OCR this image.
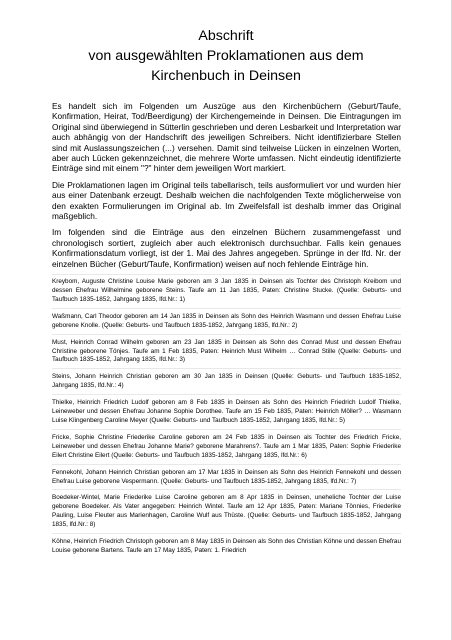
Abschrift
von ausgewählten Proklamationen aus dem
Kirchenbuch in Deinsen

Es handelt sich im Folgenden um Auszüge aus den Kirchenbüchern (Geburt/Taufe, Konfirmation, Heirat, Tod/Beerdigung) der Kirchengemeinde in Deinsen. Die Eintragungen im Original sind überwiegend in Sütterlin geschrieben und deren Lesbarkeit und Interpretation war auch abhängig von der Handschrift des jeweiligen Schreibers. Nicht identifizierbare Stellen sind mit Auslassungszeichen (...) versehen. Damit sind teilweise Lücken in einzelnen Worten, aber auch Lücken gekennzeichnet, die mehrere Worte umfassen. Nicht eindeutig identifizierte Einträge sind mit einem "?" hinter dem jeweiligen Wort markiert.

Die Proklamationen lagen im Original teils tabellarisch, teils ausformuliert vor und wurden hier aus einer Datenbank erzeugt. Deshalb weichen die nachfolgenden Texte möglicherweise von den exakten Formulierungen im Original ab. Im Zweifelsfall ist deshalb immer das Original maßgeblich.

Im folgenden sind die Einträge aus den einzelnen Büchern zusammengefasst und chronologisch sortiert, zugleich aber auch elektronisch durchsuchbar. Falls kein genaues Konfirmationsdatum vorliegt, ist der 1. Mai des Jahres angegeben. Sprünge in der lfd. Nr. der einzelnen Bücher (Geburt/Taufe, Konfirmation) weisen auf noch fehlende Einträge hin.

Kreybom, Auguste Christine Louise Marie geboren am 3 Jan 1835 in Deinsen als Tochter des Christoph Kreibom und dessen Ehefrau Wilhelmine geborene Steins. Taufe am 11 Jan 1835, Paten: Christine Stucke. (Quelle: Geburts- und Taufbuch 1835-1852, Jahrgang 1835, lfd.Nr.: 1)

Waßmann, Carl Theodor geboren am 14 Jan 1835 in Deinsen als Sohn des Heinrich Wasmann und dessen Ehefrau Luise geborene Knolle. (Quelle: Geburts- und Taufbuch 1835-1852, Jahrgang 1835, lfd.Nr.: 2)

Must, Heinrich Conrad Wilhelm geboren am 23 Jan 1835 in Deinsen als Sohn des Conrad Must und dessen Ehefrau Christine geborene Tönjes. Taufe am 1 Feb 1835, Paten: Heinrich Must Wilhelm … Conrad Stille (Quelle: Geburts- und Taufbuch 1835-1852, Jahrgang 1835, lfd.Nr.: 3)

Steins, Johann Heinrich Christian geboren am 30 Jan 1835 in Deinsen (Quelle: Geburts- und Taufbuch 1835-1852, Jahrgang 1835, lfd.Nr.: 4)

Thielke, Heinrich Friedrich Ludolf geboren am 8 Feb 1835 in Deinsen als Sohn des Heinrich Friedrich Ludolf Thielke, Leineweber und dessen Ehefrau Johanne Sophie Dorothee. Taufe am 15 Feb 1835, Paten: Heinrich Möller? … Wasmann Luise Klingenberg Caroline Meyer (Quelle: Geburts- und Taufbuch 1835-1852, Jahrgang 1835, lfd.Nr.: 5)

Fricke, Sophie Christine Friederike Caroline geboren am 24 Feb 1835 in Deinsen als Tochter des Friedrich Fricke, Leineweber und dessen Ehefrau Johanne Marie? geborene Marahrens?. Taufe am 1 Mar 1835, Paten: Sophie Friederike Eilert Christine Eilert (Quelle: Geburts- und Taufbuch 1835-1852, Jahrgang 1835, lfd.Nr.: 6)

Fennekohl, Johann Heinrich Christian geboren am 17 Mar 1835 in Deinsen als Sohn des Heinrich Fennekohl und dessen Ehefrau Luise geborene Vespermann. (Quelle: Geburts- und Taufbuch 1835-1852, Jahrgang 1835, lfd.Nr.: 7)

Boedeker-Wintel, Marie Friederike Luise Caroline geboren am 8 Apr 1835 in Deinsen, uneheliche Tochter der Luise geborene Boedeker. Als Vater angegeben: Heinrich Wintel. Taufe am 12 Apr 1835, Paten: Mariane Tönnies, Friederike Pauling, Luise Fleuter aus Marienhagen, Caroline Wulf aus Thüste. (Quelle: Geburts- und Taufbuch 1835-1852, Jahrgang 1835, lfd.Nr.: 8)

Köhne, Heinrich Friedrich Christoph geboren am 8 May 1835 in Deinsen als Sohn des Christian Köhne und dessen Ehefrau Louise geborene Bartens. Taufe am 17 May 1835, Paten: 1. Friedrich
